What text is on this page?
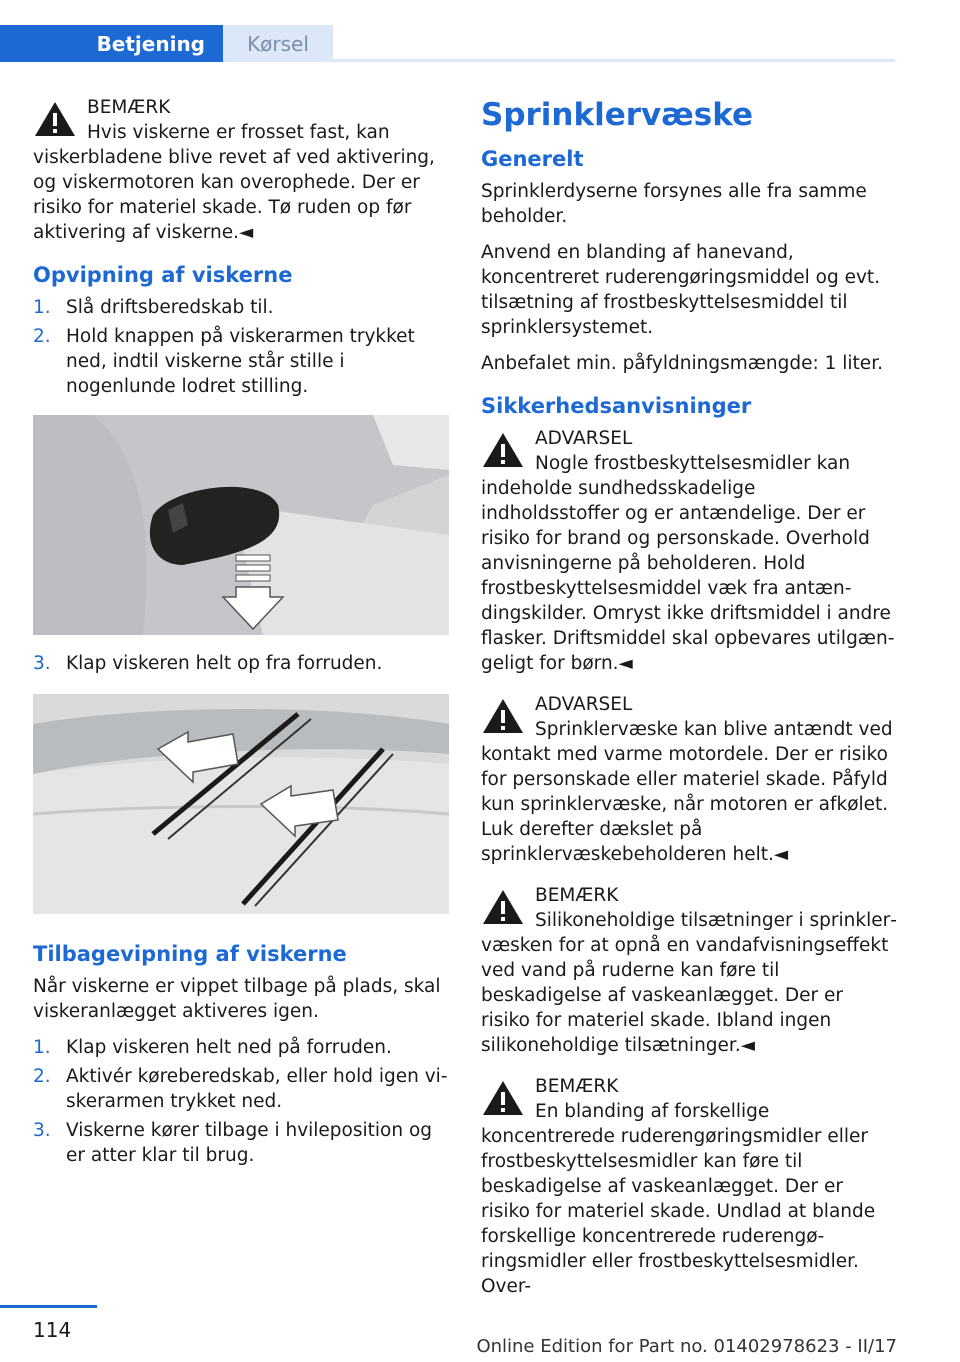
Betjening	Kørsel
BEMÆRK
Hvis viskerne er frosset fast, kan viskerbladene blive revet af ved aktivering, og viskermotoren kan overophede. Der er risiko for materiel skade. Tø ruden op før aktivering af viskerne.◄
Opvipning af viskerne
1. Slå driftsberedskab til.
2. Hold knappen på viskerarmen trykket ned, indtil viskerne står stille i nogenlunde lodret stilling.
3. Klap viskeren helt op fra forruden.
Tilbagevipning af viskerne

Når viskerne er vippet tilbage på plads, skal viskeranlægget aktiveres igen.

1. Klap viskeren helt ned på forruden.
2. Aktivér køreberedskab, eller hold igen viskerarmen trykket ned.
3. Viskerne kører tilbage i hvileposition og er atter klar til brug.
Sprinklervæske
Generelt

Sprinklerdyserne forsynes alle fra samme beholder.

Anvend en blanding af hanevand, koncentreret ruderengøringsmiddel og evt. tilsætning af frostbeskyttelsesmiddel til sprinklersystemet.

Anbefalet min. påfyldningsmængde: 1 liter.

Sikkerhedsanvisninger
ADVARSEL
Nogle frostbeskyttelsesmidler kan indeholde sundhedsskadelige indholdsstoffer og er antændelige. Der er risiko for brand og personskade. Overhold anvisningerne på beholderen. Hold frostbeskyttelsesmiddel væk fra antændingskilder. Omryst ikke driftsmiddel i andre flasker. Driftsmiddel skal opbevares utilgængeligt for børn.◄
ADVARSEL
Sprinklervæske kan blive antændt ved kontakt med varme motordele. Der er risiko for personskade eller materiel skade. Påfyld kun sprinklervæske, når motoren er afkølet. Luk derefter dækslet på sprinklervæskebeholderen helt.◄
BEMÆRK
Silikoneholdige tilsætninger i sprinklervæsken for at opnå en vandafvisningseffekt ved vand på ruderne kan føre til beskadigelse af vaskeanlægget. Der er risiko for materiel skade. Ibland ingen silikoneholdige tilsætninger.◄
BEMÆRK
En blanding af forskellige koncentrerede ruderengøringsmidler eller frostbeskyttelsesmidler kan føre til beskadigelse af vaskeanlægget. Der er risiko for materiel skade. Undlad at blande forskellige koncentrerede ruderengøringsmidler eller frostbeskyttelsesmidler. Over-
114
Online Edition for Part no. 01402978623 - II/17
